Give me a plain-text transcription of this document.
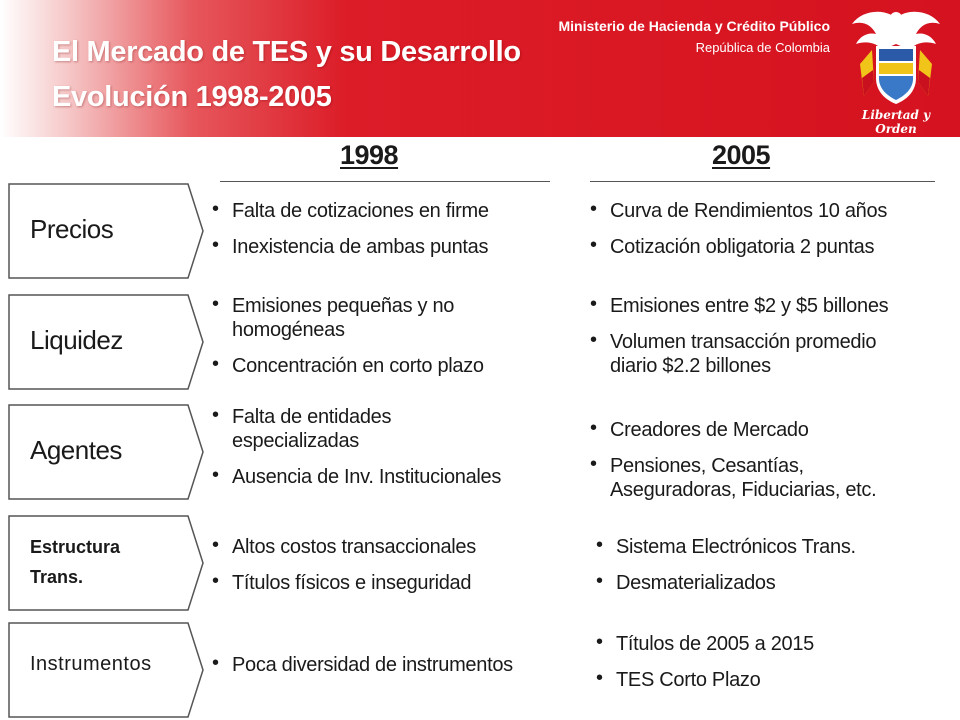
El Mercado de TES y su Desarrollo
Evolución 1998-2005
Ministerio de Hacienda y Crédito Público
República de Colombia
Libertad y Orden
1998	2005
Precios
• Falta de cotizaciones en firme
• Inexistencia de ambas puntas
• Curva de Rendimientos 10 años
• Cotización obligatoria 2 puntas
Liquidez
• Emisiones pequeñas y no
homogéneas
• Concentración en corto plazo
• Emisiones entre $2 y $5 billones
• Volumen transacción promedio
diario $2.2 billones
Agentes
• Falta de entidades
especializadas
• Ausencia de Inv. Institucionales
• Creadores de Mercado
• Pensiones, Cesantías,
Aseguradoras, Fiduciarias, etc.
Estructura
Trans.
• Altos costos transaccionales
• Títulos físicos e inseguridad
• Sistema Electrónicos Trans.
• Desmaterializados
Instrumentos
•	Poca diversidad de instrumentos
• Títulos de 2005 a 2015
• TES Corto Plazo
